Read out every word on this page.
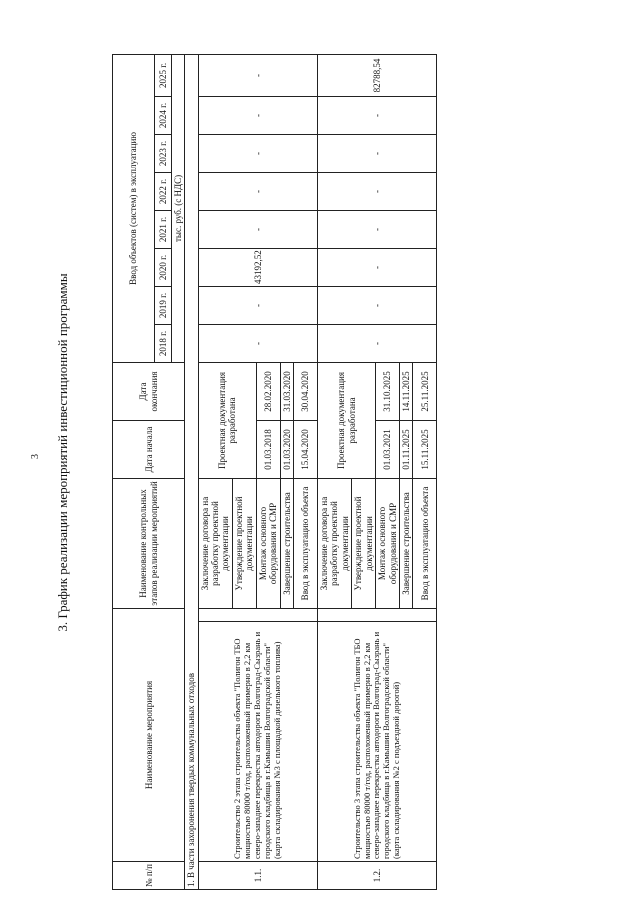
3 3. График реализации мероприятий инвестиционной программы
№ п/п	Наименование мероприятия		Наименование контрольных этапов реализации мероприятий	Дата начала	Дата окончания	Ввод объектов (систем) в эксплуатацию							
						2018 г.	2019 г.	2020 г.	2021 г.	2022 г.	2023 г.	2024 г.	2025 г.
						тыс. руб. (с НДС)							
1. В части захоронения твердых коммунальных отходов													
1.1.	Строительство 2 этапа строительства объекта "Полигон ТБО мощностью 80000 т/год, расположенный примерно в 2,2 км северо-западнее перекрестка автодороги Волгоград-Сызрань и городского кладбища в г.Камышин Волгоградской области" (карта складирования №3 с площадкой дизельного топлива)		Заключение договора на разработку проектной документации	Проектная документация разработана		-	-	43192,52	-	-	-	-	-
			Утверждение проектной документации										
			Монтаж основного оборудования и СМР	01.03.2018	28.02.2020								
			Завершение строительства	01.03.2020	31.03.2020								
			Ввод в эксплуатацию объекта	15.04.2020	30.04.2020								
1.2.	Строительство 3 этапа строительства объекта "Полигон ТБО мощностью 80000 т/год, расположенный примерно в 2,2 км северо-западнее перекрестка автодороги Волгоград-Сызрань и городского кладбища в г.Камышин Волгоградской области" (карта складирования №2 с подъездной дорогой)		Заключение договора на разработку проектной документации	Проектная документация разработана		-	-	-	-	-	-	-	82788,54
			Утверждение проектной документации										
			Монтаж основного оборудования и СМР	01.03.2021	31.10.2025								
			Завершение строительства	01.11.2025	14.11.2025								
			Ввод в эксплуатацию объекта	15.11.2025	25.11.2025								
